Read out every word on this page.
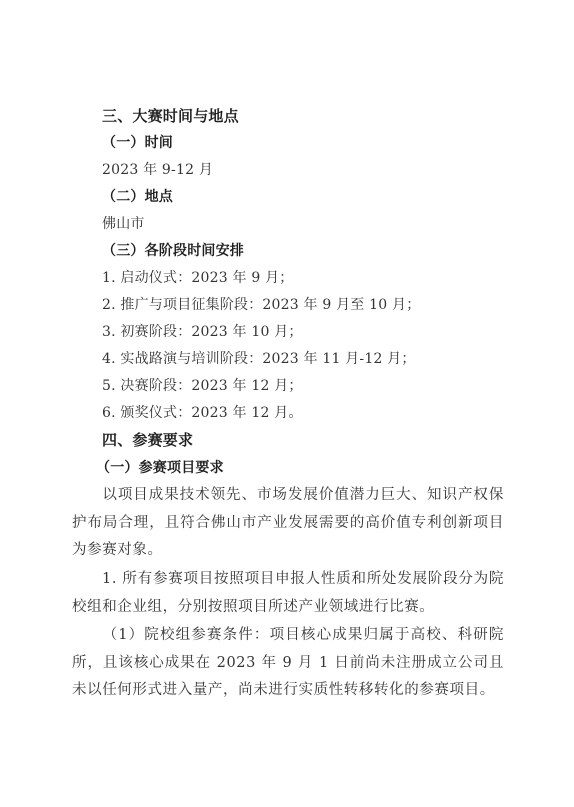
三、大赛时间与地点
（一）时间
2023 年 9-12 月
（二）地点
佛山市
（三）各阶段时间安排
1. 启动仪式：2023 年 9 月；
2. 推广与项目征集阶段：2023 年 9 月至 10 月；
3. 初赛阶段：2023 年 10 月；
4. 实战路演与培训阶段：2023 年 11 月-12 月；
5. 决赛阶段：2023 年 12 月；
6. 颁奖仪式：2023 年 12 月。
四、参赛要求
（一）参赛项目要求
以项目成果技术领先、市场发展价值潜力巨大、知识产权保护布局合理，且符合佛山市产业发展需要的高价值专利创新项目为参赛对象。
1. 所有参赛项目按照项目申报人性质和所处发展阶段分为院校组和企业组，分别按照项目所述产业领域进行比赛。
（1）院校组参赛条件：项目核心成果归属于高校、科研院所，且该核心成果在 2023 年 9 月 1 日前尚未注册成立公司且未以任何形式进入量产，尚未进行实质性转移转化的参赛项目。
